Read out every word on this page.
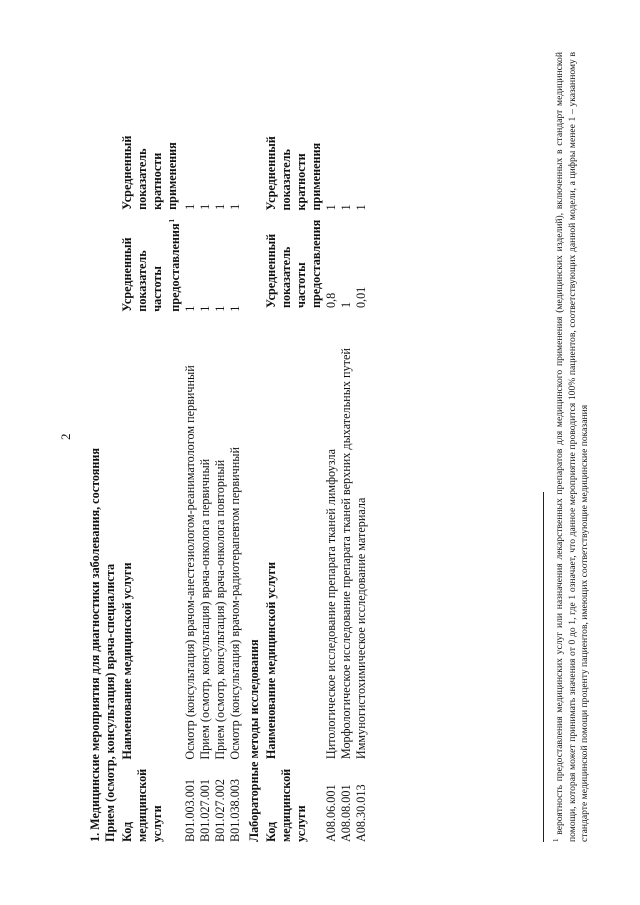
2
1. Медицинские мероприятия для диагностики заболевания, состояния Прием (осмотр, консультация) врача-специалиста Код медицинской услуги	Наименование медицинской услуги	Усредненный показатель частоты предоставления$^1$	Усредненный показатель кратности применения
B01.003.001	Осмотр (консультация) врачом-анестезиологом-реаниматологом первичный	1	1
B01.027.001	Прием (осмотр, консультация) врача-онколога первичный	1	1
B01.027.002	Прием (осмотр, консультация) врача-онколога повторный	1	1
B01.038.003	Осмотр (консультация) врачом-радиотерапевтом первичный	1	1
Лабораторные методы исследования Код медицинской услуги	Наименование медицинской услуги	Усредненный показатель частоты предоставления	Усредненный показатель кратности применения
A08.06.001	Цитологическое исследование препарата тканей лимфоузла	0,8	1
A08.08.001	Морфологическое исследование препарата тканей верхних дыхательных путей	1	1
A08.30.013	Иммуногистохимическое исследование материала	0,01	1
$^1$ вероятность предоставления медицинских услуг или назначения лекарственных препаратов для медицинского применения (медицинских изделий), включенных в стандарт медицинской помощи, которая может принимать значения от 0 до 1, где 1 означает, что данное мероприятие проводится 100% пациентов, соответствующих данной модели, а цифры менее 1 – указанному в стандарте медицинской помощи проценту пациентов, имеющих соответствующие медицинские показания
